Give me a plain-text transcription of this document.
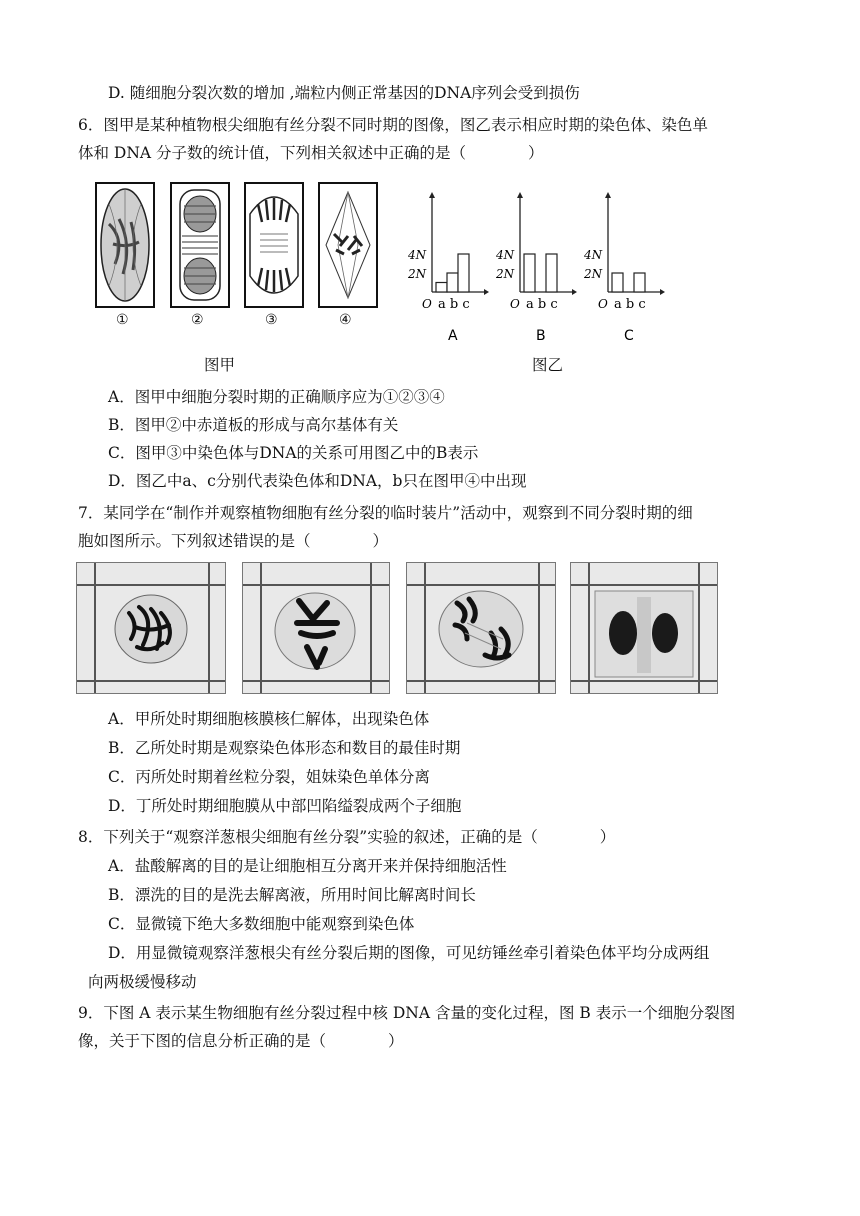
D. 随细胞分裂次数的增加 ,端粒内侧正常基因的DNA序列会受到损伤
6．图甲是某种植物根尖细胞有丝分裂不同时期的图像，图乙表示相应时期的染色体、染色单
体和 DNA 分子数的统计值，下列相关叙述中正确的是（　　　　）
①	②	③	④
图甲
4N
2N
O a b c
A
4N
2N
O a b c
B
4N
2N
O a b c
C
图乙
A．图甲中细胞分裂时期的正确顺序应为①②③④
B．图甲②中赤道板的形成与高尔基体有关
C．图甲③中染色体与DNA的关系可用图乙中的B表示
D．图乙中a、c分别代表染色体和DNA，b只在图甲④中出现
7．某同学在“制作并观察植物细胞有丝分裂的临时装片”活动中，观察到不同分裂时期的细
胞如图所示。下列叙述错误的是（　　　　）
A．甲所处时期细胞核膜核仁解体，出现染色体
B．乙所处时期是观察染色体形态和数目的最佳时期
C．丙所处时期着丝粒分裂，姐妹染色单体分离
D．丁所处时期细胞膜从中部凹陷缢裂成两个子细胞
8．下列关于“观察洋葱根尖细胞有丝分裂”实验的叙述，正确的是（　　　　）
A．盐酸解离的目的是让细胞相互分离开来并保持细胞活性
B．漂洗的目的是洗去解离液，所用时间比解离时间长
C．显微镜下绝大多数细胞中能观察到染色体
D．用显微镜观察洋葱根尖有丝分裂后期的图像，可见纺锤丝牵引着染色体平均分成两组
向两极缓慢移动
9．下图 A 表示某生物细胞有丝分裂过程中核 DNA 含量的变化过程，图 B 表示一个细胞分裂图
像，关于下图的信息分析正确的是（　　　　）
